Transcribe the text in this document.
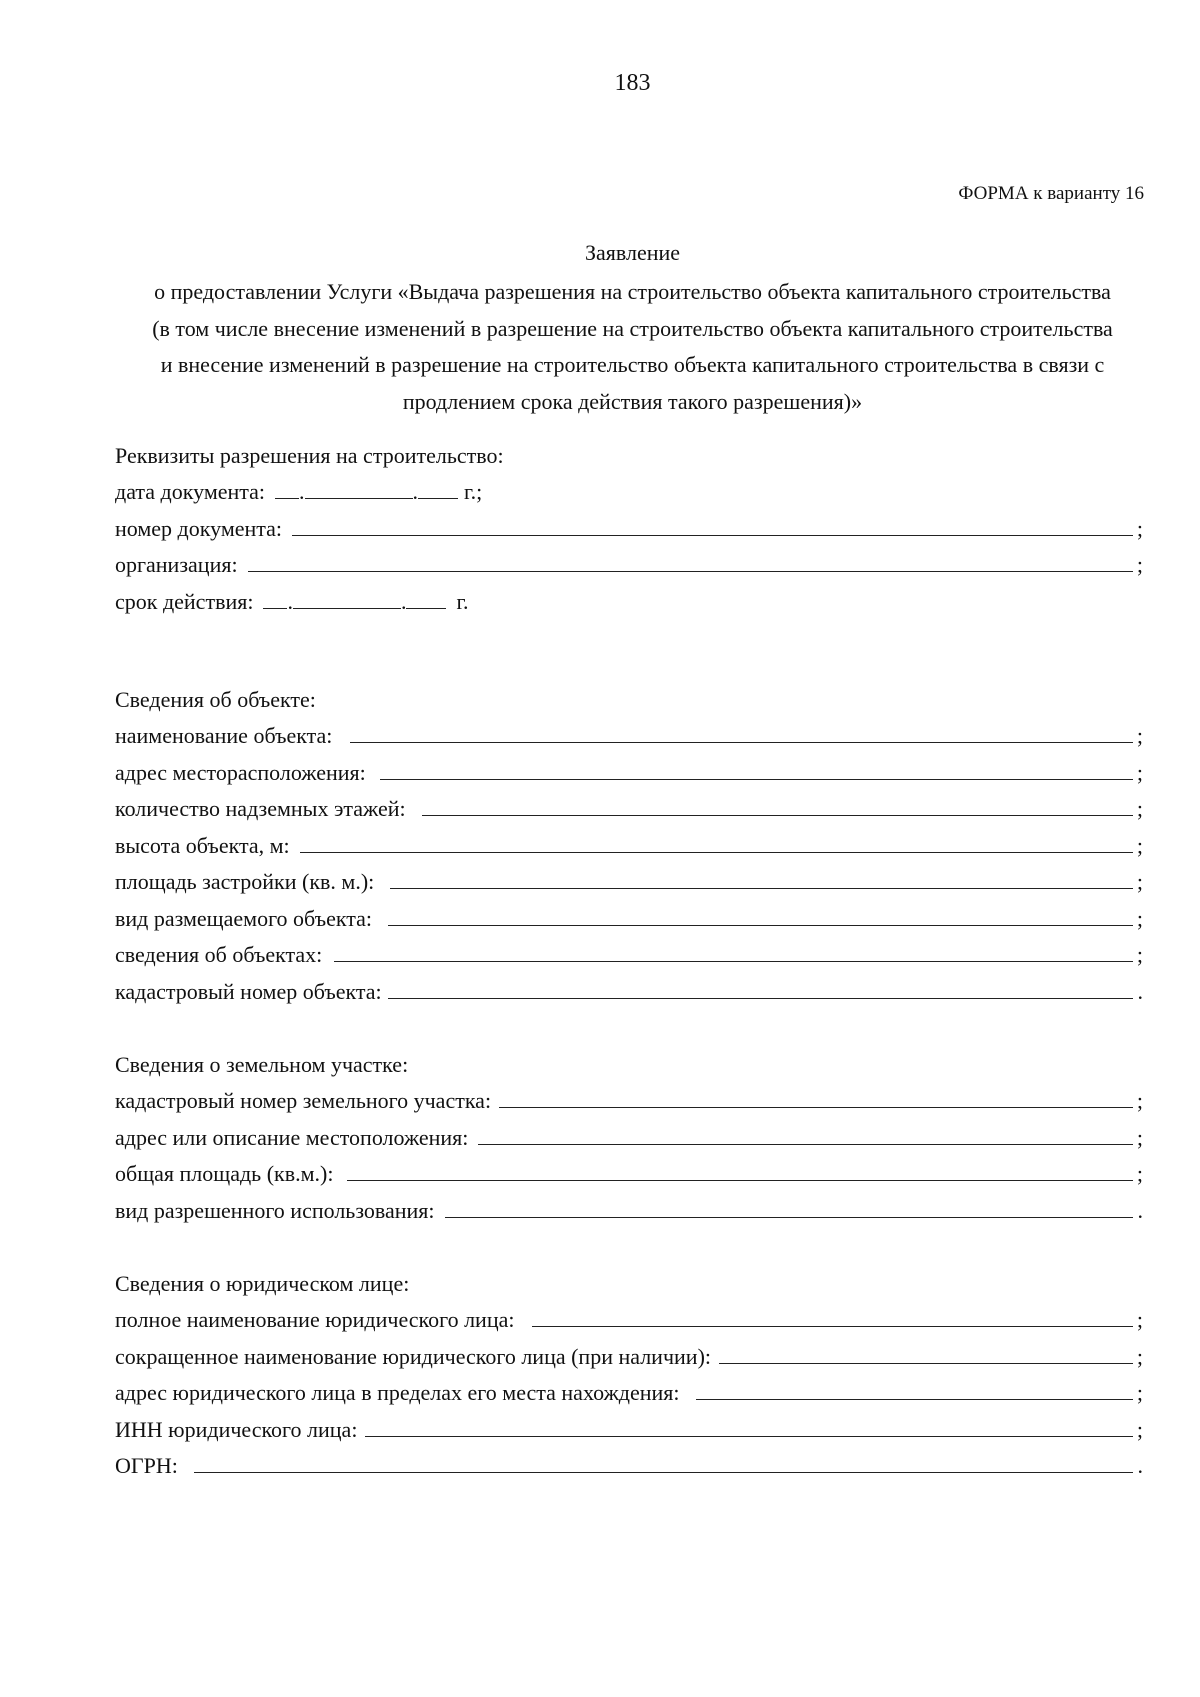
183
ФОРМА к варианту 16
Заявление
о предоставлении Услуги «Выдача разрешения на строительство объекта капитального строительства (в том числе внесение изменений в разрешение на строительство объекта капитального строительства и внесение изменений в разрешение на строительство объекта капитального строительства в связи с продлением срока действия такого разрешения)»
Реквизиты разрешения на строительство:
дата документа: .	. г.;
номер документа:	;
организация:	;
срок действия: .	. г.
Сведения об объекте:
наименование объекта:	;
адрес месторасположения:	;
количество надземных этажей:	;
высота объекта, м:	;
площадь застройки (кв. м.):	;
вид размещаемого объекта:	;
сведения об объектах:	;
кадастровый номер объекта:	.
Сведения о земельном участке:
кадастровый номер земельного участка:	;
адрес или описание местоположения:	;
общая площадь (кв.м.):	;
вид разрешенного использования:	.
Сведения о юридическом лице:
полное наименование юридического лица:	;
сокращенное наименование юридического лица (при наличии):	;
адрес юридического лица в пределах его места нахождения:	;
ИНН юридического лица:	;
ОГРН:	.
